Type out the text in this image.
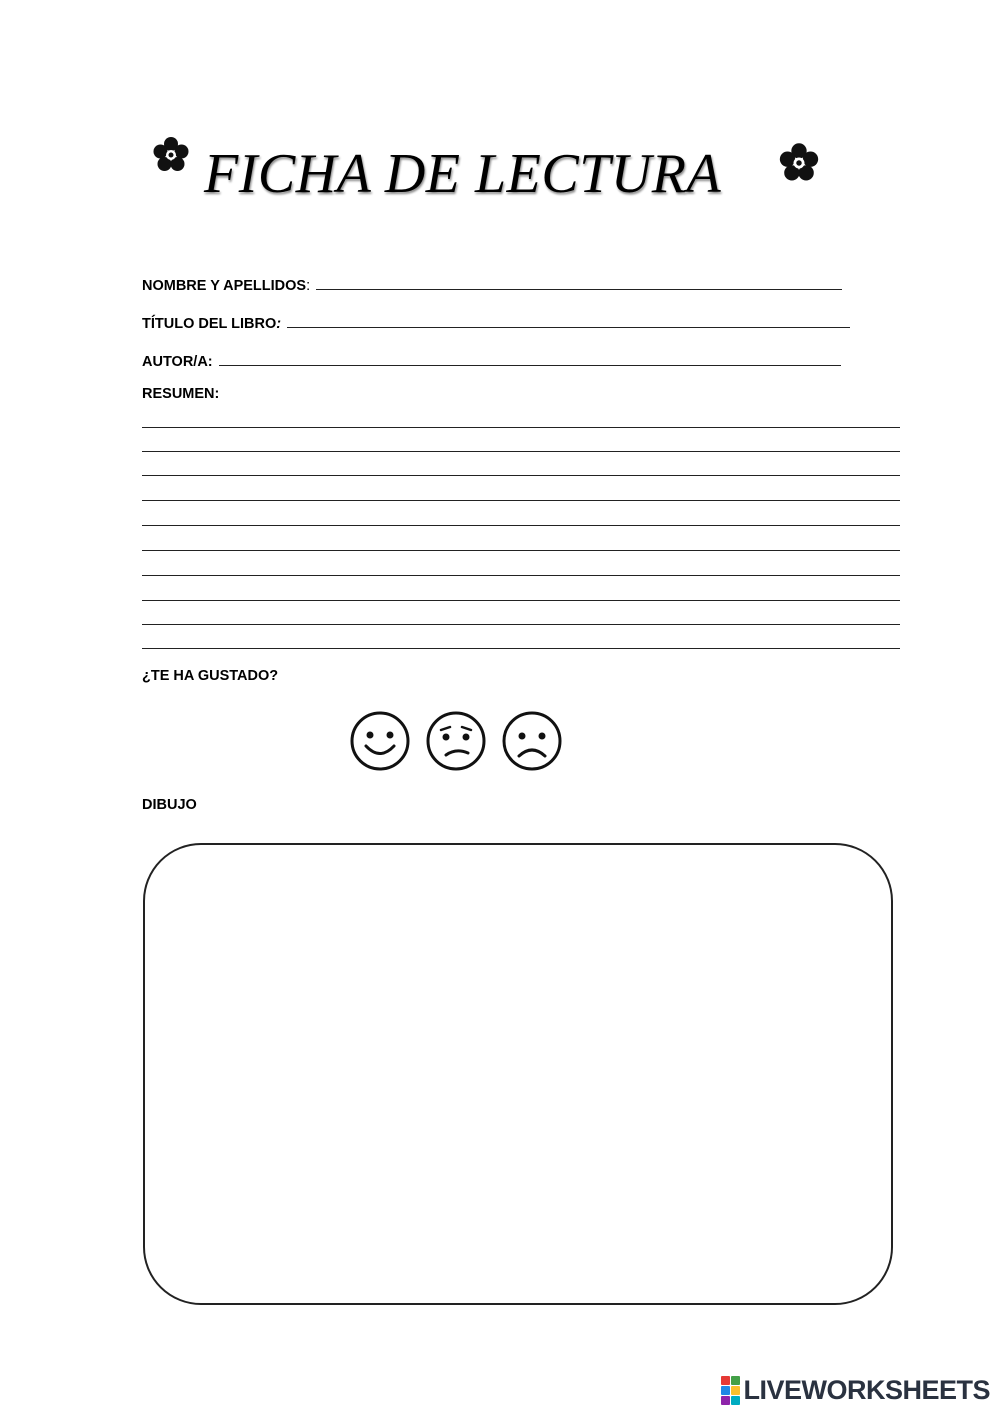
FICHA DE LECTURA
NOMBRE Y APELLIDOS :
TÍTULO DEL LIBRO :
AUTOR/A:
RESUMEN:
¿TE HA GUSTADO?
DIBUJO
LIVEWORKSHEETS
